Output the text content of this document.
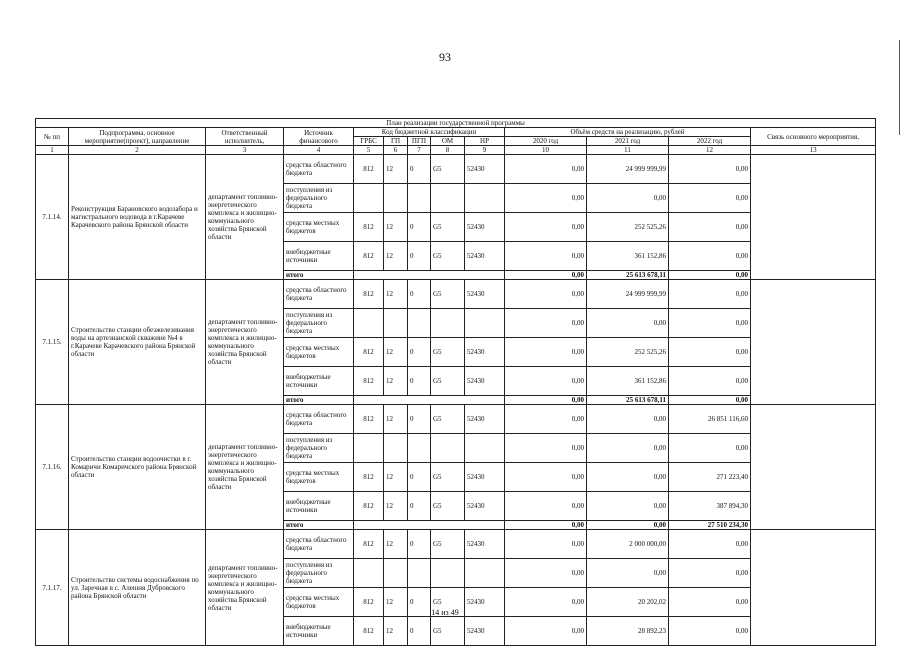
93
План реализации государственной программы												
№ пп	Подпрограмма, основное мероприятие(проект), направление	Ответственный исполнитель,	Источник финансового	Код бюджетной классификации					Объём средств на реализацию, рублей			Связь основного мероприятия,
				ГРБС	ГП	ПГП	ОМ	НР	2020 год	2021 год	2022 год	
1	2	3	4	5	6	7	8	9	10	11	12	13
7.1.14.	Реконструкция Барановского водозабора и магистрального водовода в г.Карачеве Карачевского района Брянской области	департамент топливно-энергетического комплекса и жилищно-коммунального хозяйства Брянской области	средства областного бюджета	812	12	0	G5	52430	0,00	24 999 999,99	0,00	
			поступления из федерального бюджета						0,00	0,00	0,00	
			средства местных бюджетов	812	12	0	G5	52430	0,00	252 525,26	0,00	
			внебюджетные источники	812	12	0	G5	52430	0,00	361 152,86	0,00	
			итого						0,00	25 613 678,11	0,00	
7.1.15.	Строительство станции обезжелезивания воды на артезианской скважине №4 в г.Карачеве Карачевского района Брянской области	департамент топливно-энергетического комплекса и жилищно-коммунального хозяйства Брянской области	средства областного бюджета	812	12	0	G5	52430	0,00	24 999 999,99	0,00	
			поступления из федерального бюджета						0,00	0,00	0,00	
			средства местных бюджетов	812	12	0	G5	52430	0,00	252 525,26	0,00	
			внебюджетные источники	812	12	0	G5	52430	0,00	361 152,86	0,00	
			итого						0,00	25 613 678,11	0,00	
7.1.16.	Строительство станции водоочистки в г. Комаричи Комаричского района Брянской области	департамент топливно-энергетического комплекса и жилищно-коммунального хозяйства Брянской области	средства областного бюджета	812	12	0	G5	52430	0,00	0,00	26 851 116,60	
			поступления из федерального бюджета						0,00	0,00	0,00	
			средства местных бюджетов	812	12	0	G5	52430	0,00	0,00	271 223,40	
			внебюджетные источники	812	12	0	G5	52430	0,00	0,00	387 894,30	
			итого						0,00	0,00	27 510 234,30	
7.1.17.	Строительство системы водоснабжения по ул. Заречная в с. Алешня Дубровского района Брянской области	департамент топливно-энергетического комплекса и жилищно-коммунального хозяйства Брянской области	средства областного бюджета	812	12	0	G5	52430	0,00	2 000 000,00	0,00	
			поступления из федерального бюджета						0,00	0,00	0,00	
			средства местных бюджетов	812	12	0	G5	52430	0,00	20 202,02	0,00	
			внебюджетные источники	812	12	0	G5	52430	0,00	28 892,23	0,00	
14 из 49
